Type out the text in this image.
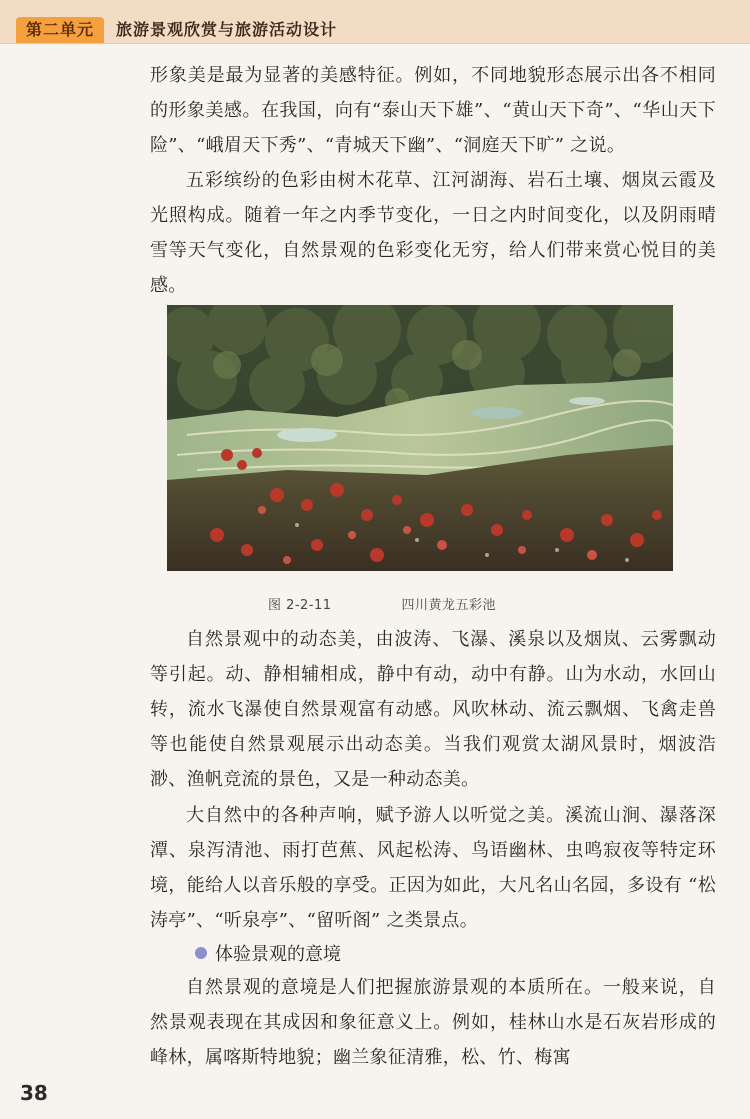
第二单元	旅游景观欣赏与旅游活动设计

形象美是最为显著的美感特征。例如，不同地貌形态展示出各不相同的形象美感。在我国，向有“泰山天下雄”、“黄山天下奇”、“华山天下险”、“峨眉天下秀”、“青城天下幽”、“洞庭天下旷” 之说。

五彩缤纷的色彩由树木花草、江河湖海、岩石土壤、烟岚云霞及光照构成。随着一年之内季节变化，一日之内时间变化，以及阴雨晴雪等天气变化，自然景观的色彩变化无穷，给人们带来赏心悦目的美感。

图 2-2-11	四川黄龙五彩池

自然景观中的动态美，由波涛、飞瀑、溪泉以及烟岚、云雾飘动等引起。动、静相辅相成，静中有动，动中有静。山为水动，水回山转，流水飞瀑使自然景观富有动感。风吹林动、流云飘烟、飞禽走兽等也能使自然景观展示出动态美。当我们观赏太湖风景时，烟波浩渺、渔帆竞流的景色，又是一种动态美。

大自然中的各种声响，赋予游人以听觉之美。溪流山涧、瀑落深潭、泉泻清池、雨打芭蕉、风起松涛、鸟语幽林、虫鸣寂夜等特定环境，能给人以音乐般的享受。正因为如此，大凡名山名园，多设有 “松涛亭”、“听泉亭”、“留听阁” 之类景点。

体验景观的意境

自然景观的意境是人们把握旅游景观的本质所在。一般来说，自然景观表现在其成因和象征意义上。例如，桂林山水是石灰岩形成的峰林，属喀斯特地貌；幽兰象征清雅，松、竹、梅寓

38
